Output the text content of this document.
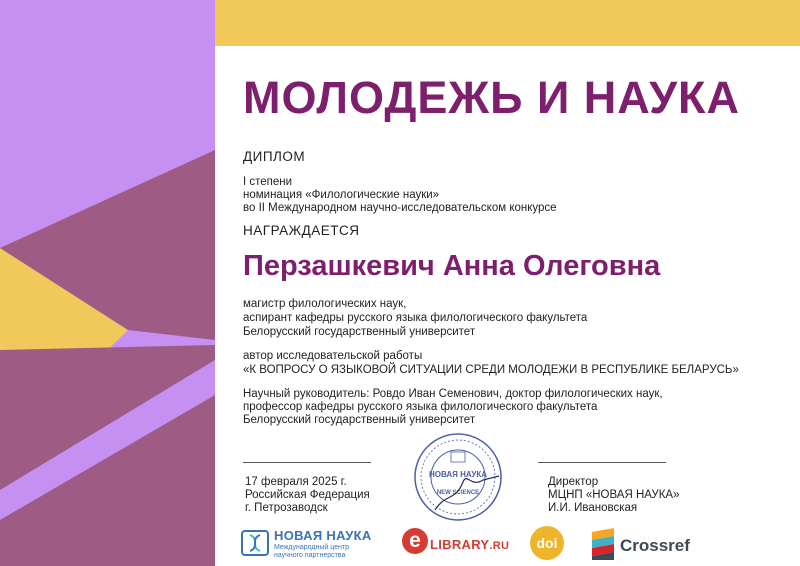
МОЛОДЕЖЬ И НАУКА

ДИПЛОМ

I степени

номинация «Филологические науки»

во II Международном научно-исследовательском конкурсе

НАГРАЖДАЕТСЯ

Перзашкевич Анна Олеговна

магистр филологических наук,

аспирант кафедры русского языка филологического факультета

Белорусский государственный университет

автор исследовательской работы

«К ВОПРОСУ О ЯЗЫКОВОЙ СИТУАЦИИ СРЕДИ МОЛОДЕЖИ В РЕСПУБЛИКЕ БЕЛАРУСЬ»

Научный руководитель: Ровдо Иван Семенович, доктор филологических наук,

профессор кафедры русского языка филологического факультета

Белорусский государственный университет

17 февраля 2025 г.

Российская Федерация

г. Петрозаводск

Директор

МЦНП «НОВАЯ НАУКА»

И.И. Ивановская

НОВАЯ НАУКА
NEW SCIENCE
НОВАЯ НАУКА
Международный центр
научного партнерства
e LIBRARY.RU	doi	Crossref
